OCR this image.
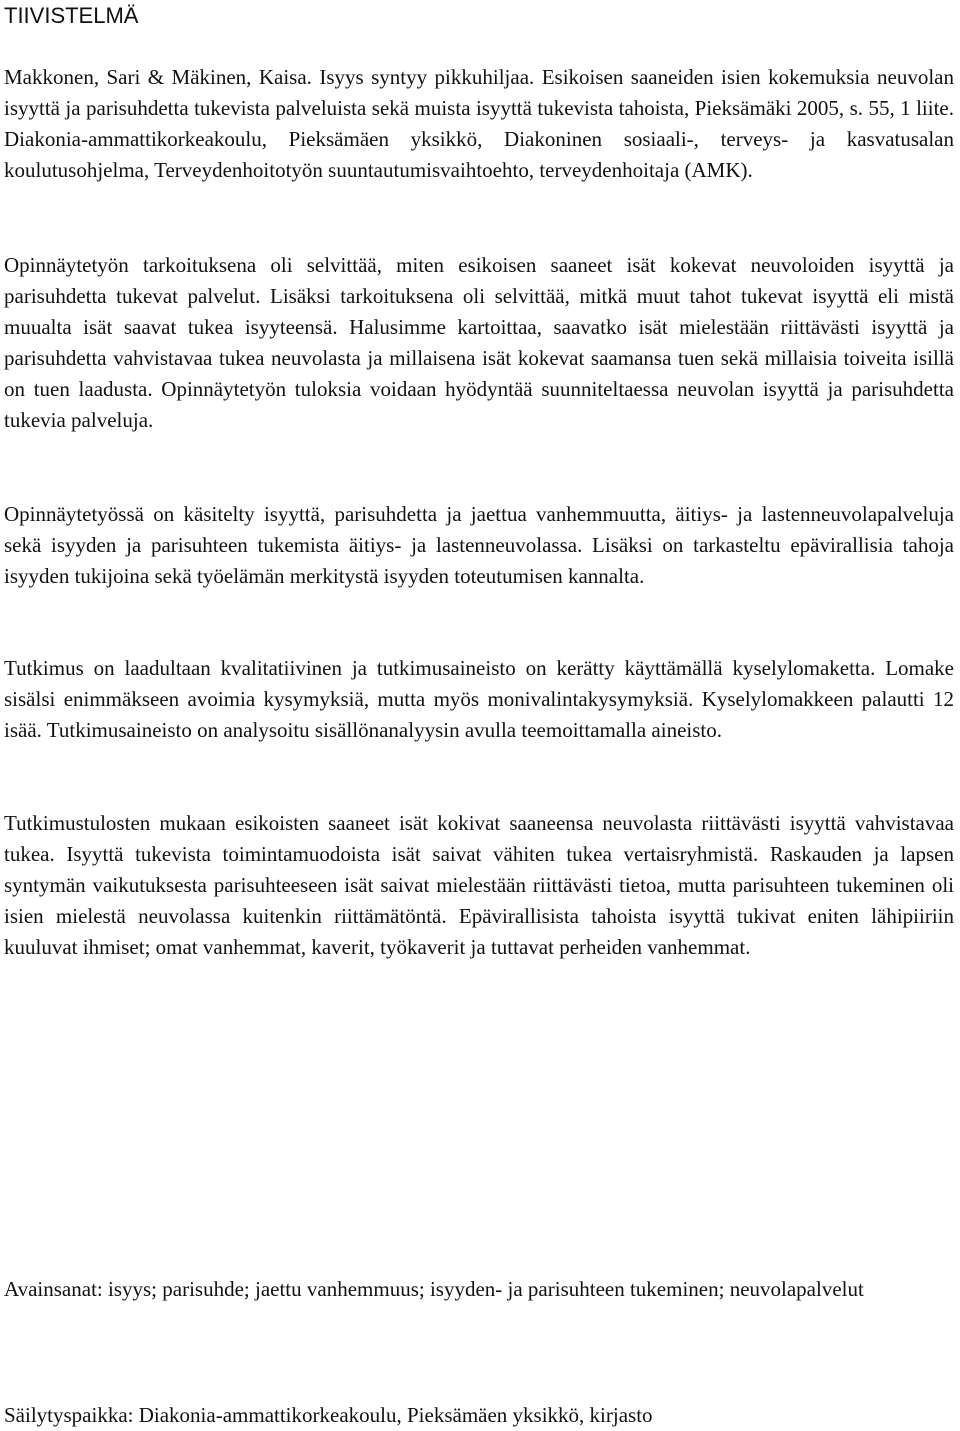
TIIVISTELMÄ

Makkonen, Sari & Mäkinen, Kaisa. Isyys syntyy pikkuhiljaa. Esikoisen saaneiden isien kokemuksia neuvolan isyyttä ja parisuhdetta tukevista palveluista sekä muista isyyttä tukevista tahoista, Pieksämäki 2005, s. 55, 1 liite. Diakonia-ammattikorkeakoulu, Pieksämäen yksikkö, Diakoninen sosiaali-, terveys- ja kasvatusalan koulutusohjelma, Terveydenhoitotyön suuntautumisvaihtoehto, terveydenhoitaja (AMK).

Opinnäytetyön tarkoituksena oli selvittää, miten esikoisen saaneet isät kokevat neuvoloiden isyyttä ja parisuhdetta tukevat palvelut. Lisäksi tarkoituksena oli selvittää, mitkä muut tahot tukevat isyyttä eli mistä muualta isät saavat tukea isyyteensä. Halusimme kartoittaa, saavatko isät mielestään riittävästi isyyttä ja parisuhdetta vahvistavaa tukea neuvolasta ja millaisena isät kokevat saamansa tuen sekä millaisia toiveita isillä on tuen laadusta. Opinnäytetyön tuloksia voidaan hyödyntää suunniteltaessa neuvolan isyyttä ja parisuhdetta tukevia palveluja.

Opinnäytetyössä on käsitelty isyyttä, parisuhdetta ja jaettua vanhemmuutta, äitiys- ja lastenneuvolapalveluja sekä isyyden ja parisuhteen tukemista äitiys- ja lastenneuvolassa. Lisäksi on tarkasteltu epävirallisia tahoja isyyden tukijoina sekä työelämän merkitystä isyyden toteutumisen kannalta.

Tutkimus on laadultaan kvalitatiivinen ja tutkimusaineisto on kerätty käyttämällä kyselylomaketta. Lomake sisälsi enimmäkseen avoimia kysymyksiä, mutta myös monivalintakysymyksiä. Kyselylomakkeen palautti 12 isää. Tutkimusaineisto on analysoitu sisällönanalyysin avulla teemoittamalla aineisto.

Tutkimustulosten mukaan esikoisten saaneet isät kokivat saaneensa neuvolasta riittävästi isyyttä vahvistavaa tukea. Isyyttä tukevista toimintamuodoista isät saivat vähiten tukea vertaisryhmistä. Raskauden ja lapsen syntymän vaikutuksesta parisuhteeseen isät saivat mielestään riittävästi tietoa, mutta parisuhteen tukeminen oli isien mielestä neuvolassa kuitenkin riittämätöntä. Epävirallisista tahoista isyyttä tukivat eniten lähipiiriin kuuluvat ihmiset; omat vanhemmat, kaverit, työkaverit ja tuttavat perheiden vanhemmat.

Avainsanat: isyys; parisuhde; jaettu vanhemmuus; isyyden- ja parisuhteen tukeminen; neuvolapalvelut

Säilytyspaikka: Diakonia-ammattikorkeakoulu, Pieksämäen yksikkö, kirjasto
